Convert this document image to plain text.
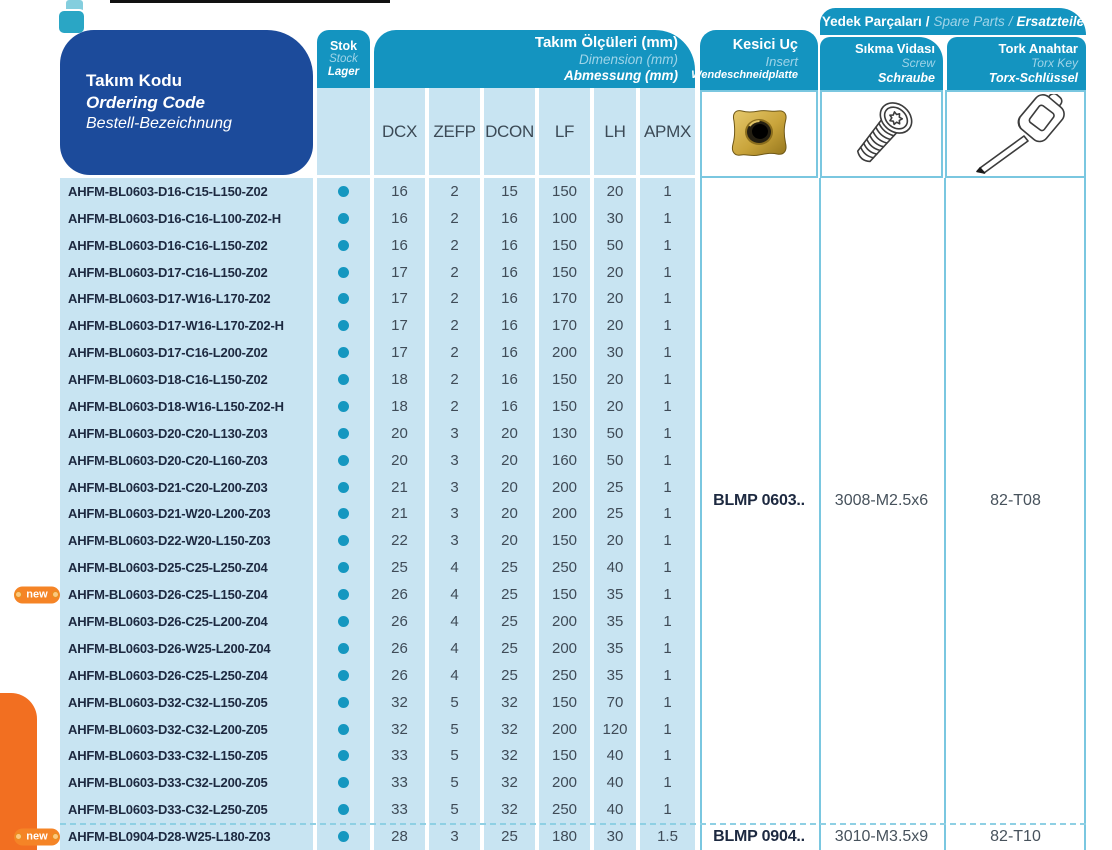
Takım Kodu
Ordering Code
Bestell-Bezeichnung
Stok
Stock
Lager
Takım Ölçüleri (mm)
Dimension (mm)
Abmessung (mm)
Kesici Uç
Insert
Wendeschneidplatte
Yedek Parçaları / Spare Parts / Ersatzteile
Sıkma Vidası
Screw
Schraube
Tork Anahtar
Torx Key
Torx-Schlüssel
DCX ZEFP DCON	LF	LH	APMX
AHFM-BL0603-D16-C15-L150-Z02	16	2	15	150	20	1
AHFM-BL0603-D16-C16-L100-Z02-H	16	2	16	100	30	1
AHFM-BL0603-D16-C16-L150-Z02	16	2	16	150	50	1
AHFM-BL0603-D17-C16-L150-Z02	17	2	16	150	20	1
AHFM-BL0603-D17-W16-L170-Z02	17	2	16	170	20	1
AHFM-BL0603-D17-W16-L170-Z02-H	17	2	16	170	20	1
AHFM-BL0603-D17-C16-L200-Z02	17	2	16	200	30	1
AHFM-BL0603-D18-C16-L150-Z02	18	2	16	150	20	1
AHFM-BL0603-D18-W16-L150-Z02-H	18	2	16	150	20	1
AHFM-BL0603-D20-C20-L130-Z03	20	3	20	130	50	1
AHFM-BL0603-D20-C20-L160-Z03	20	3	20	160	50	1
AHFM-BL0603-D21-C20-L200-Z03	21	3	20	200	25	1
AHFM-BL0603-D21-W20-L200-Z03	21	3	20	200	25	1
AHFM-BL0603-D22-W20-L150-Z03	22	3	20	150	20	1
AHFM-BL0603-D25-C25-L250-Z04	25	4	25	250	40	1
new	AHFM-BL0603-D26-C25-L150-Z04	26	4	25	150	35	1
AHFM-BL0603-D26-C25-L200-Z04	26	4	25	200	35	1
AHFM-BL0603-D26-W25-L200-Z04	26	4	25	200	35	1
AHFM-BL0603-D26-C25-L250-Z04	26	4	25	250	35	1
AHFM-BL0603-D32-C32-L150-Z05	32	5	32	150	70	1
AHFM-BL0603-D32-C32-L200-Z05	32	5	32	200	120	1
AHFM-BL0603-D33-C32-L150-Z05	33	5	32	150	40	1
AHFM-BL0603-D33-C32-L200-Z05	33	5	32	200	40	1
AHFM-BL0603-D33-C32-L250-Z05	33	5	32	250	40	1
new	AHFM-BL0904-D28-W25-L180-Z03	28	3	25	180	30	1.5
BLMP 0603..	3008-M2.5x6	82-T08
BLMP 0904..	3010-M3.5x9	82-T10
